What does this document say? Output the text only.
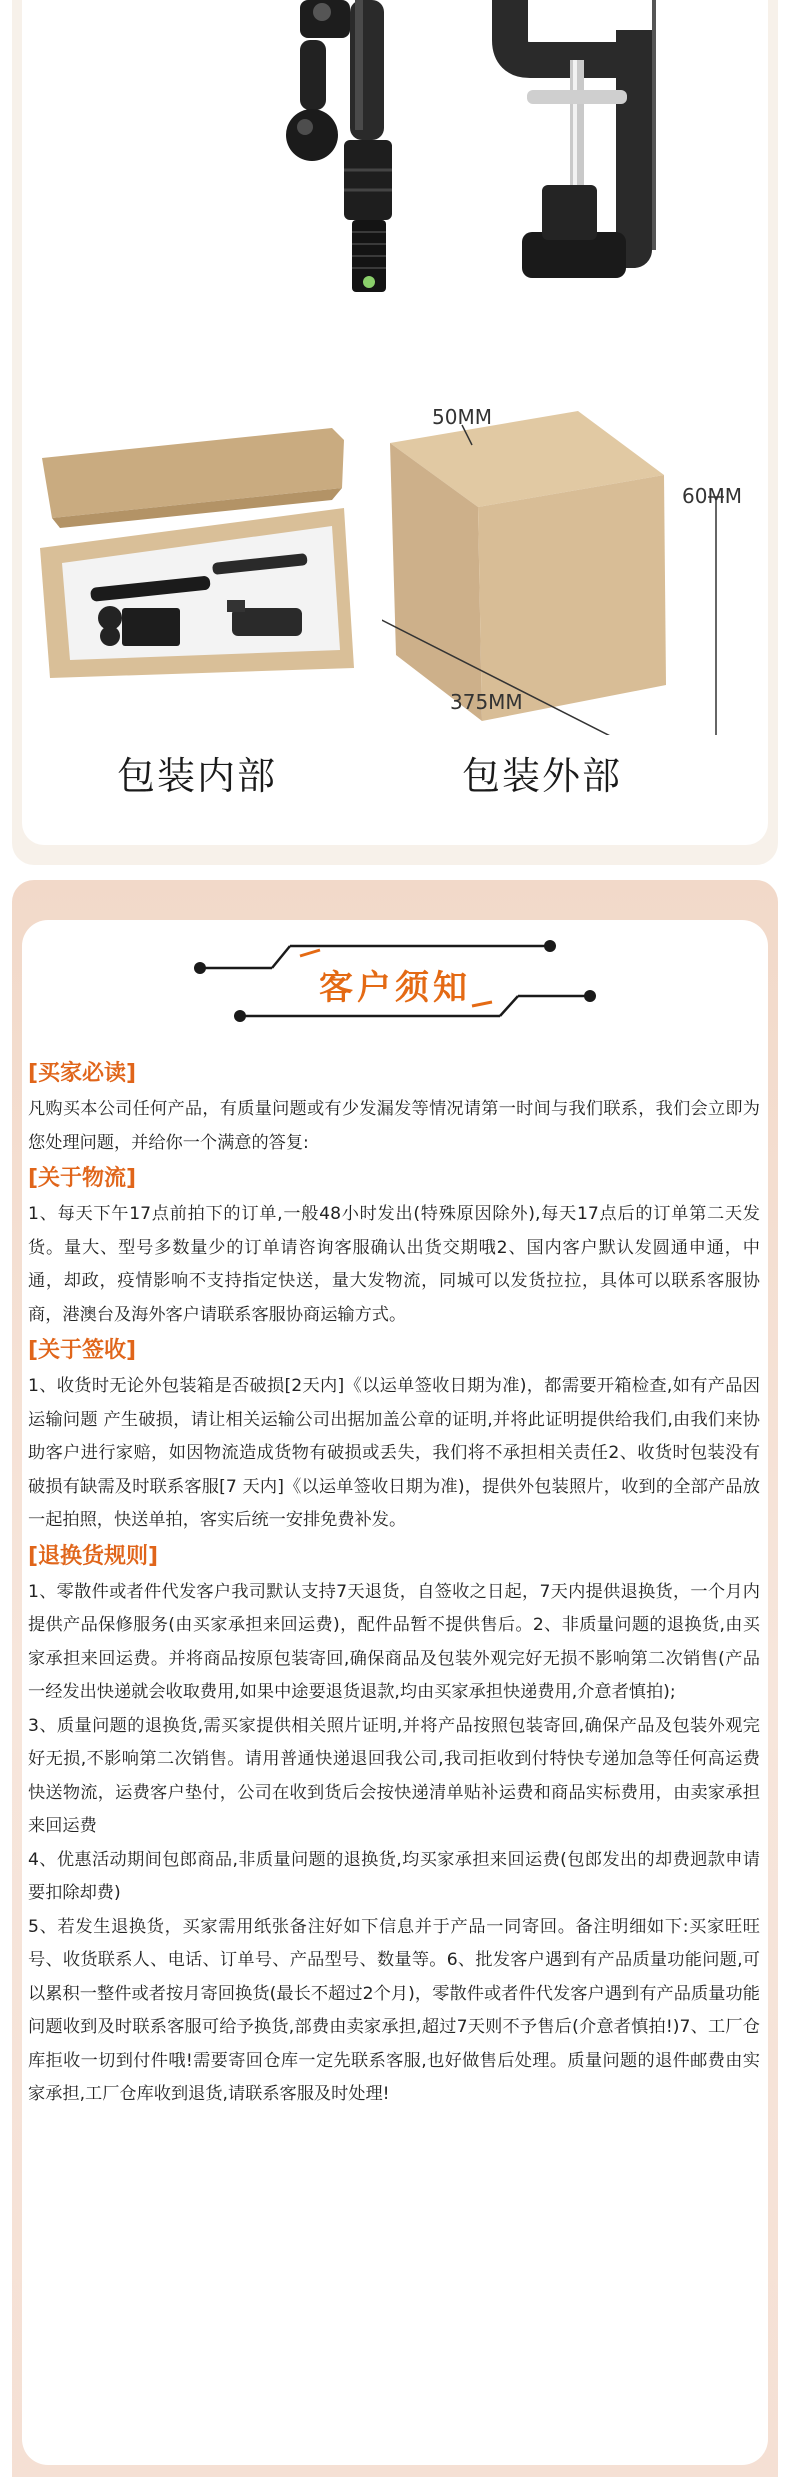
50MM
60MM
375MM
包装内部	包装外部
客户须知
[买家必读]
凡购买本公司任何产品，有质量问题或有少发漏发等情况请第一时间与我们联系，我们会立即为您处理问题，并给你一个满意的答复:
[关于物流]
1、每天下午17点前拍下的订单,一般48小时发出(特殊原因除外),每天17点后的订单第二天发货。量大、型号多数量少的订单请咨询客服确认出货交期哦2、国内客户默认发圆通申通，中通，却政，疫情影响不支持指定快送，量大发物流，同城可以发货拉拉，具体可以联系客服协商，港澳台及海外客户请联系客服协商运输方式。
[关于签收]
1、收货时无论外包装箱是否破损[2天内]《以运单签收日期为准)，都需要开箱检查,如有产品因运输问题 产生破损，请让相关运输公司出据加盖公章的证明,并将此证明提供给我们,由我们来协助客户进行家赔，如因物流造成货物有破损或丢失，我们将不承担相关责任2、收货时包装没有破损有缺需及时联系客服[7 天内]《以运单签收日期为准)，提供外包装照片，收到的全部产品放一起拍照，快送单拍，客实后统一安排免费补发。
[退换货规则]
1、零散件或者件代发客户我司默认支持7天退货，自签收之日起，7天内提供退换货，一个月内提供产品保修服务(由买家承担来回运费)，配件品暂不提供售后。2、非质量问题的退换货,由买家承担来回运费。并将商品按原包装寄回,确保商品及包装外观完好无损不影响第二次销售(产品一经发出快递就会收取费用,如果中途要退货退款,均由买家承担快递费用,介意者慎拍);
3、质量问题的退换货,需买家提供相关照片证明,并将产品按照包装寄回,确保产品及包装外观完好无损,不影响第二次销售。请用普通快递退回我公司,我司拒收到付特快专递加急等任何高运费快送物流，运费客户垫付，公司在收到货后会按快递清单贴补运费和商品实标费用，由卖家承担来回运费
4、优惠活动期间包郎商品,非质量问题的退换货,均买家承担来回运费(包郎发出的却费迥款申请要扣除却费)
5、若发生退换货，买家需用纸张备注好如下信息并于产品一同寄回。备注明细如下:买家旺旺号、收货联系人、电话、订单号、产品型号、数量等。6、批发客户遇到有产品质量功能问题,可以累积一整件或者按月寄回换货(最长不超过2个月)，零散件或者件代发客户遇到有产品质量功能问题收到及时联系客服可给予换货,部费由卖家承担,超过7天则不予售后(介意者慎拍!)7、工厂仓库拒收一切到付件哦!需要寄回仓库一定先联系客服,也好做售后处理。质量问题的退件邮费由实家承担,工厂仓库收到退货,请联系客服及时处理!
